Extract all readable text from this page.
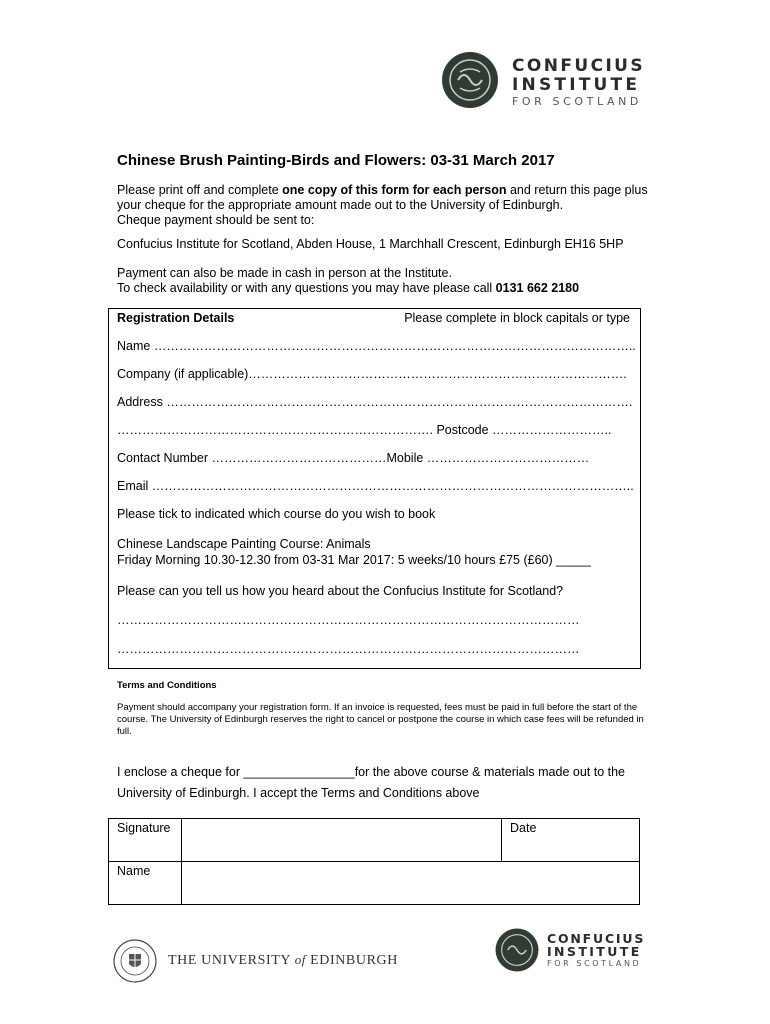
CONFUCIUS
INSTITUTE
FOR SCOTLAND
Chinese Brush Painting-Birds and Flowers: 03-31 March 2017
Please print off and complete one copy of this form for each person and return this page plus your cheque for the appropriate amount made out to the University of Edinburgh.
Cheque payment should be sent to:
Confucius Institute for Scotland, Abden House, 1 Marchhall Crescent, Edinburgh EH16 5HP
Payment can also be made in cash in person at the Institute.
To check availability or with any questions you may have please call 0131 662 2180
Registration Details	Please complete in block capitals or type
Name ……………………………………………………………………………………………………..
Company (if applicable)……………………………………………………………………………….
Address ………………………………………………………………………………………………….
…………………………………………………………………. Postcode ………………………..
Contact Number ……………………………………Mobile …………………………………
Email ……………………………………………………………………………………………………..
Please tick to indicated which course do you wish to book
Chinese Landscape Painting Course: Animals
Friday Morning 10.30-12.30 from 03-31 Mar 2017: 5 weeks/10 hours £75 (£60) _____
Please can you tell us how you heard about the Confucius Institute for Scotland?
…………………………………………………………………………………………………
…………………………………………………………………………………………………
Terms and Conditions
Payment should accompany your registration form. If an invoice is requested, fees must be paid in full before the start of the course. The University of Edinburgh reserves the right to cancel or postpone the course in which case fees will be refunded in full.
I enclose a cheque for ________________for the above course & materials made out to the University of Edinburgh. I accept the Terms and Conditions above
Signature		Date
Name		
THE UNIVERSITY of EDINBURGH
CONFUCIUS
INSTITUTE
FOR SCOTLAND
